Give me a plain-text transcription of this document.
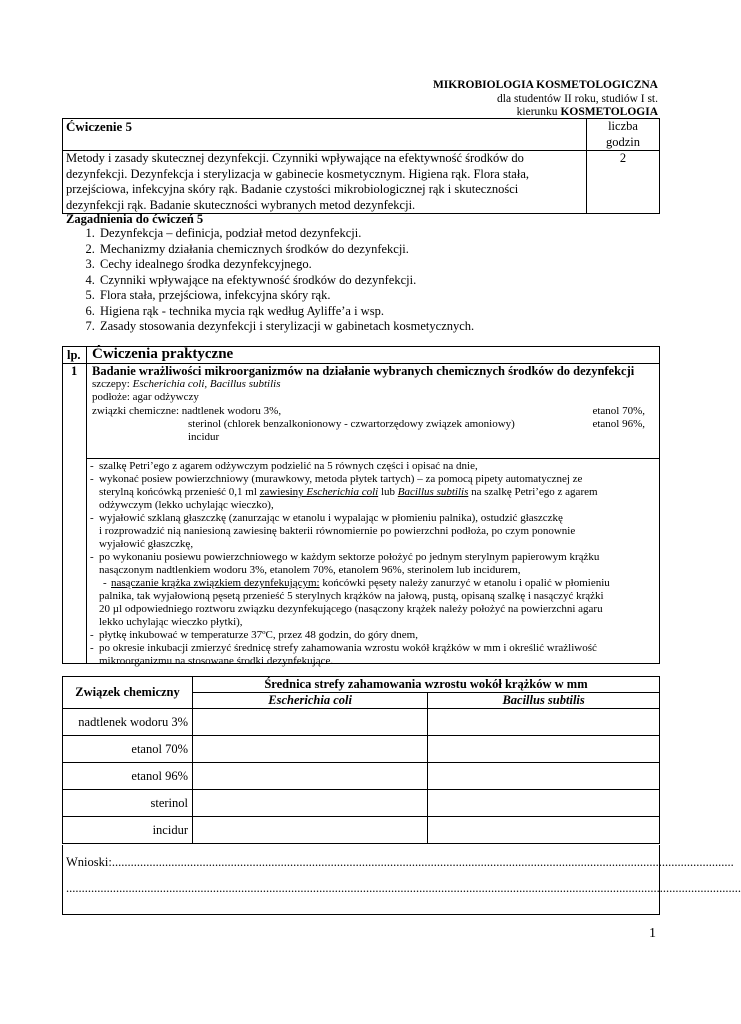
MIKROBIOLOGIA KOSMETOLOGICZNA
dla studentów II roku, studiów I st.
kierunku KOSMETOLOGIA
Ćwiczenie 5	liczba godzin

Metody i zasady skutecznej dezynfekcji. Czynniki wpływające na efektywność środków do
dezynfekcji. Dezynfekcja i sterylizacja w gabinecie kosmetycznym. Higiena rąk. Flora stała,
przejściowa, infekcyjna skóry rąk. Badanie czystości mikrobiologicznej rąk i skuteczności
dezynfekcji rąk. Badanie skuteczności wybranych metod dezynfekcji.	2
Zagadnienia do ćwiczeń 5
1. Dezynfekcja – definicja, podział metod dezynfekcji.
2. Mechanizmy działania chemicznych środków do dezynfekcji.
3. Cechy idealnego środka dezynfekcyjnego.
4. Czynniki wpływające na efektywność środków do dezynfekcji.
5. Flora stała, przejściowa, infekcyjna skóry rąk.
6. Higiena rąk - technika mycia rąk według Ayliffe’a i wsp.
7. Zasady stosowania dezynfekcji i sterylizacji w gabinetach kosmetycznych.
lp. Ćwiczenia praktyczne
1 Badanie wrażliwości mikroorganizmów na działanie wybranych chemicznych środków do dezynfekcji
szczepy: Escherichia coli, Bacillus subtilis
podłoże: agar odżywczy
związki chemiczne: nadtlenek wodoru 3%,	etanol 70%,
sterinol (chlorek benzalkonionowy - czwartorzędowy związek amoniowy)	etanol 96%,
incidur
- szalkę Petri’ego z agarem odżywczym podzielić na 5 równych części i opisać na dnie,
- wykonać posiew powierzchniowy (murawkowy, metoda płytek tartych) – za pomocą pipety automatycznej ze
sterylną końcówką przenieść 0,1 ml zawiesiny Escherichia coli lub Bacillus subtilis na szalkę Petri’ego z agarem
odżywczym (lekko uchylając wieczko),
- wyjałowić szklaną głaszczkę (zanurzając w etanolu i wypalając w płomieniu palnika), ostudzić głaszczkę
i rozprowadzić nią naniesioną zawiesinę bakterii równomiernie po powierzchni podłoża, po czym ponownie
wyjałowić głaszczkę,
- po wykonaniu posiewu powierzchniowego w każdym sektorze położyć po jednym sterylnym papierowym krążku
nasączonym nadtlenkiem wodoru 3%, etanolem 70%, etanolem 96%, sterinolem lub incidurem,
- nasączanie krążka związkiem dezynfekującym: końcówki pęsety należy zanurzyć w etanolu i opalić w płomieniu
palnika, tak wyjałowioną pęsetą przenieść 5 sterylnych krążków na jałową, pustą, opisaną szalkę i nasączyć krążki
20 µl odpowiedniego roztworu związku dezynfekującego (nasączony krążek należy położyć na powierzchni agaru
lekko uchylając wieczko płytki),
- płytkę inkubować w temperaturze 37ºC, przez 48 godzin, do góry dnem,
- po okresie inkubacji zmierzyć średnicę strefy zahamowania wzrostu wokół krążków w mm i określić wrażliwość
mikroorganizmu na stosowane środki dezynfekujące.
Związek chemiczny	Średnica strefy zahamowania wzrostu wokół krążków w mm	
	Escherichia coli	Bacillus subtilis
nadtlenek wodoru 3%		
etanol 70%		
etanol 96%		
sterinol		
incidur		
Wnioski:.......................................................................................................................................................................................................
........................................................................................................................................................................................................................
1
